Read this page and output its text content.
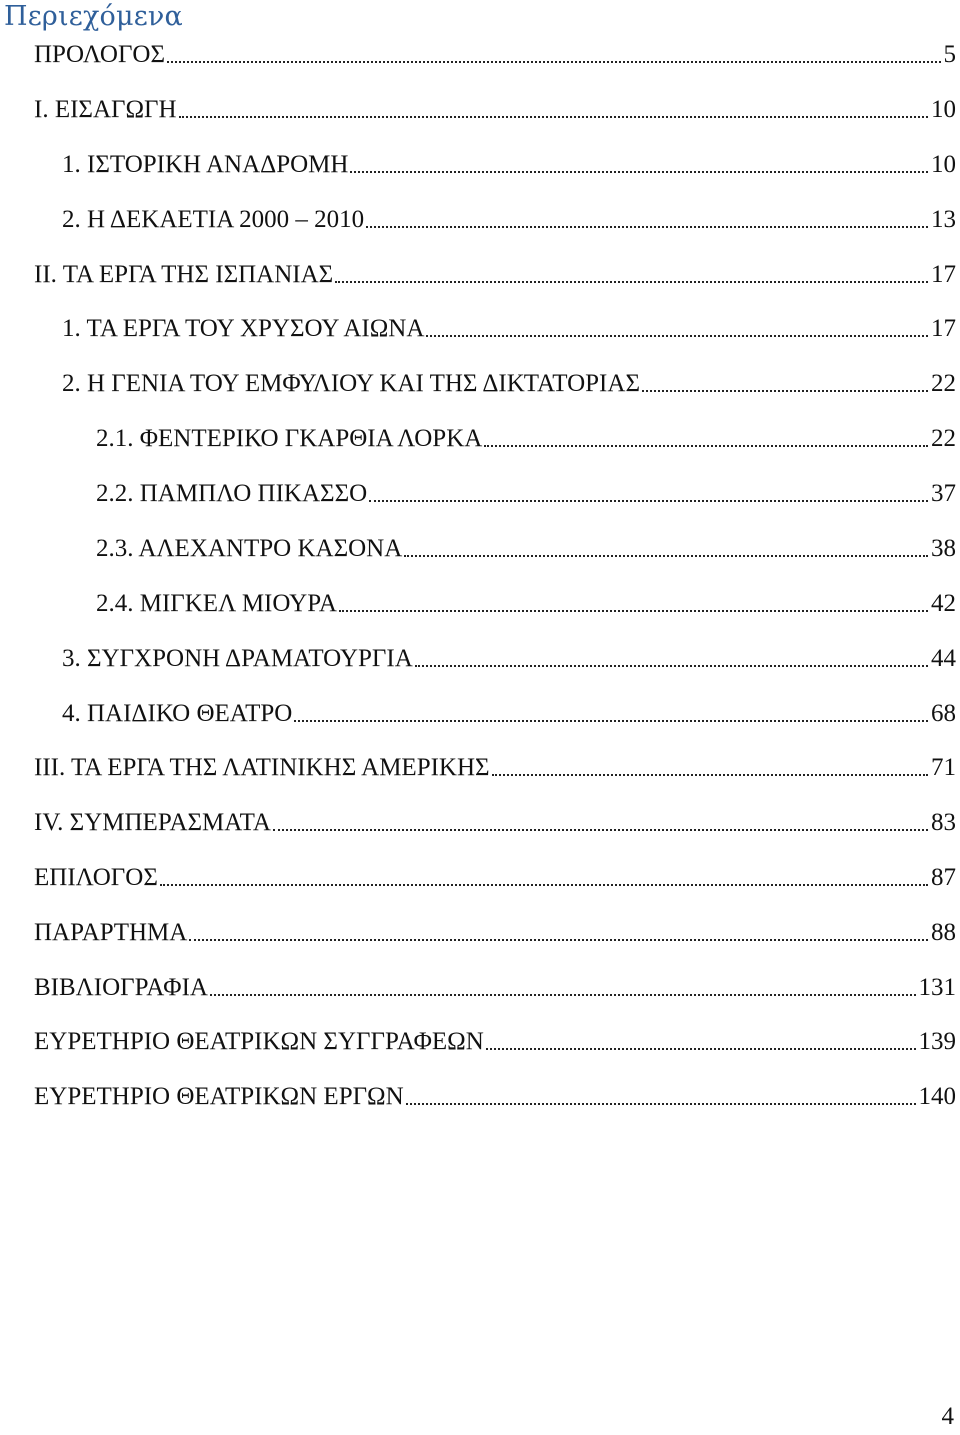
Περιεχόμενα
ΠΡΟΛΟΓΟΣ	5
Ι. ΕΙΣΑΓΩΓΗ	10
1. ΙΣΤΟΡΙΚΗ ΑΝΑΔΡΟΜΗ	10
2. Η ΔΕΚΑΕΤΙΑ 2000 – 2010	13
ΙΙ. ΤΑ ΕΡΓΑ ΤΗΣ ΙΣΠΑΝΙΑΣ	17
1. ΤΑ ΕΡΓΑ ΤΟΥ ΧΡΥΣΟΥ ΑΙΩΝΑ	17
2. Η ΓΕΝΙΑ ΤΟΥ ΕΜΦΥΛΙΟΥ ΚΑΙ ΤΗΣ ΔΙΚΤΑΤΟΡΙΑΣ	22
2.1. ΦΕΝΤΕΡΙΚΟ ΓΚΑΡΘΙΑ ΛΟΡΚΑ	22
2.2. ΠΑΜΠΛΟ ΠΙΚΑΣΣΟ	37
2.3. ΑΛΕΧΑΝΤΡΟ ΚΑΣΟΝΑ	38
2.4. ΜΙΓΚΕΛ ΜΙΟΥΡΑ	42
3. ΣΥΓΧΡΟΝΗ ΔΡΑΜΑΤΟΥΡΓΙΑ	44
4. ΠΑΙΔΙΚΟ ΘΕΑΤΡΟ	68
ΙΙΙ. ΤΑ ΕΡΓΑ ΤΗΣ ΛΑΤΙΝΙΚΗΣ ΑΜΕΡΙΚΗΣ	71
IV. ΣΥΜΠΕΡΑΣΜΑΤΑ	83
ΕΠΙΛΟΓΟΣ	87
ΠΑΡΑΡΤΗΜΑ	88
ΒΙΒΛΙΟΓΡΑΦΙΑ	131
ΕΥΡΕΤΗΡΙΟ ΘΕΑΤΡΙΚΩΝ ΣΥΓΓΡΑΦΕΩΝ	139
ΕΥΡΕΤΗΡΙΟ ΘΕΑΤΡΙΚΩΝ ΕΡΓΩΝ	140
4
